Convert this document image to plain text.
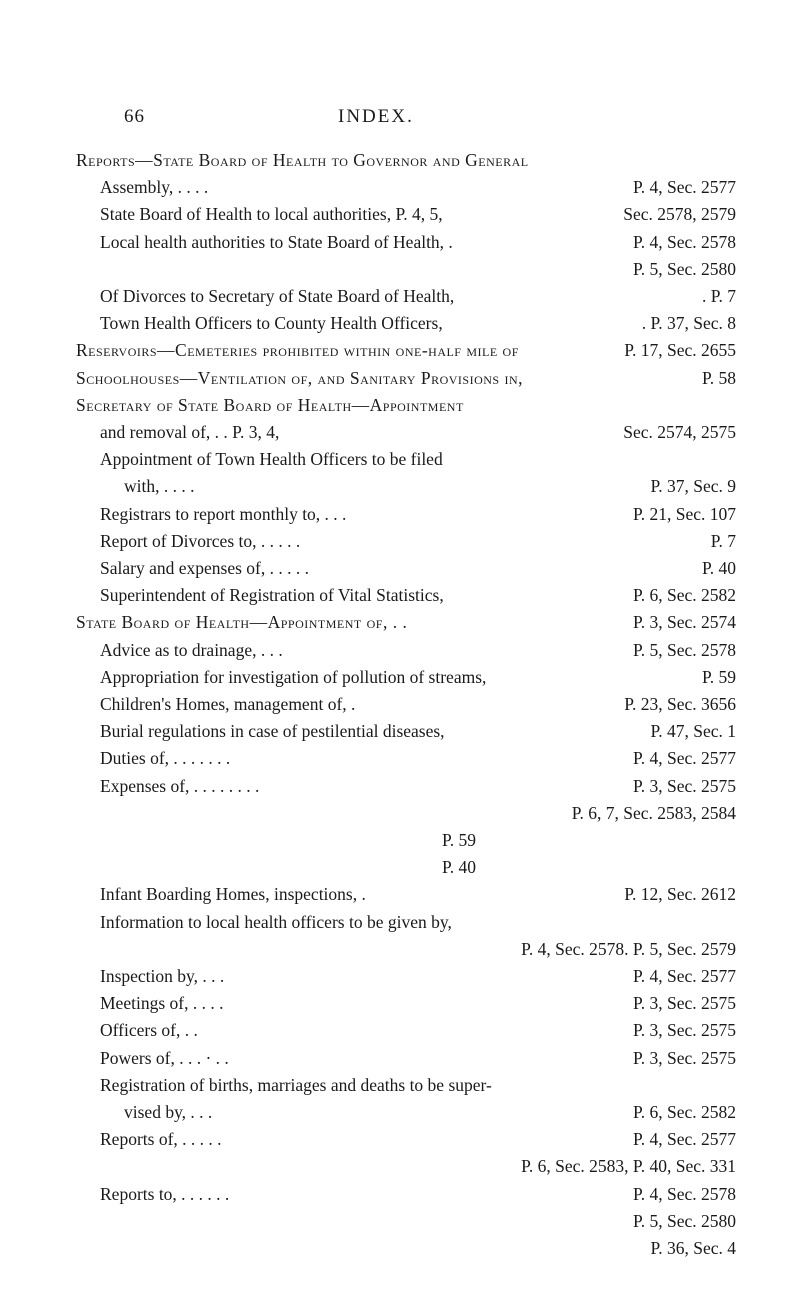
66	INDEX.
Reports—State Board of Health to Governor and General
Assembly, . . . .	P. 4, Sec. 2577
State Board of Health to local authorities, P. 4, 5,	Sec. 2578, 2579
Local health authorities to State Board of Health, .	P. 4, Sec. 2578
P. 5, Sec. 2580
Of Divorces to Secretary of State Board of Health,	. P. 7
Town Health Officers to County Health Officers,	. P. 37, Sec. 8
Reservoirs—Cemeteries prohibited within one-half mile of	P. 17, Sec. 2655
Schoolhouses—Ventilation of, and Sanitary Provisions in,	P. 58
Secretary of State Board of Health—Appointment
and removal of, . . P. 3, 4,	Sec. 2574, 2575
Appointment of Town Health Officers to be filed
with, . . . .	P. 37, Sec. 9
Registrars to report monthly to, . . .	P. 21, Sec. 107
Report of Divorces to, . . . . .	P. 7
Salary and expenses of, . . . . .	P. 40
Superintendent of Registration of Vital Statistics,	P. 6, Sec. 2582
State Board of Health—Appointment of, . .	P. 3, Sec. 2574
Advice as to drainage, . . .	P. 5, Sec. 2578
Appropriation for investigation of pollution of streams,	P. 59
Children's Homes, management of, .	P. 23, Sec. 3656
Burial regulations in case of pestilential diseases,	P. 47, Sec. 1
Duties of, . . . . . . .	P. 4, Sec. 2577
Expenses of, . . . . . . . .	P. 3, Sec. 2575
P. 6, 7, Sec. 2583, 2584
P. 59
P. 40
Infant Boarding Homes, inspections, .	P. 12, Sec. 2612
Information to local health officers to be given by,
P. 4, Sec. 2578. P. 5, Sec. 2579
Inspection by, . . .	P. 4, Sec. 2577
Meetings of, . . . .	P. 3, Sec. 2575
Officers of, . .	P. 3, Sec. 2575
Powers of, . . . · . .	P. 3, Sec. 2575
Registration of births, marriages and deaths to be super-
vised by, . . .	P. 6, Sec. 2582
Reports of, . . . . .	P. 4, Sec. 2577
P. 6, Sec. 2583, P. 40, Sec. 331
Reports to, . . . . . .	P. 4, Sec. 2578
P. 5, Sec. 2580
P. 36, Sec. 4
